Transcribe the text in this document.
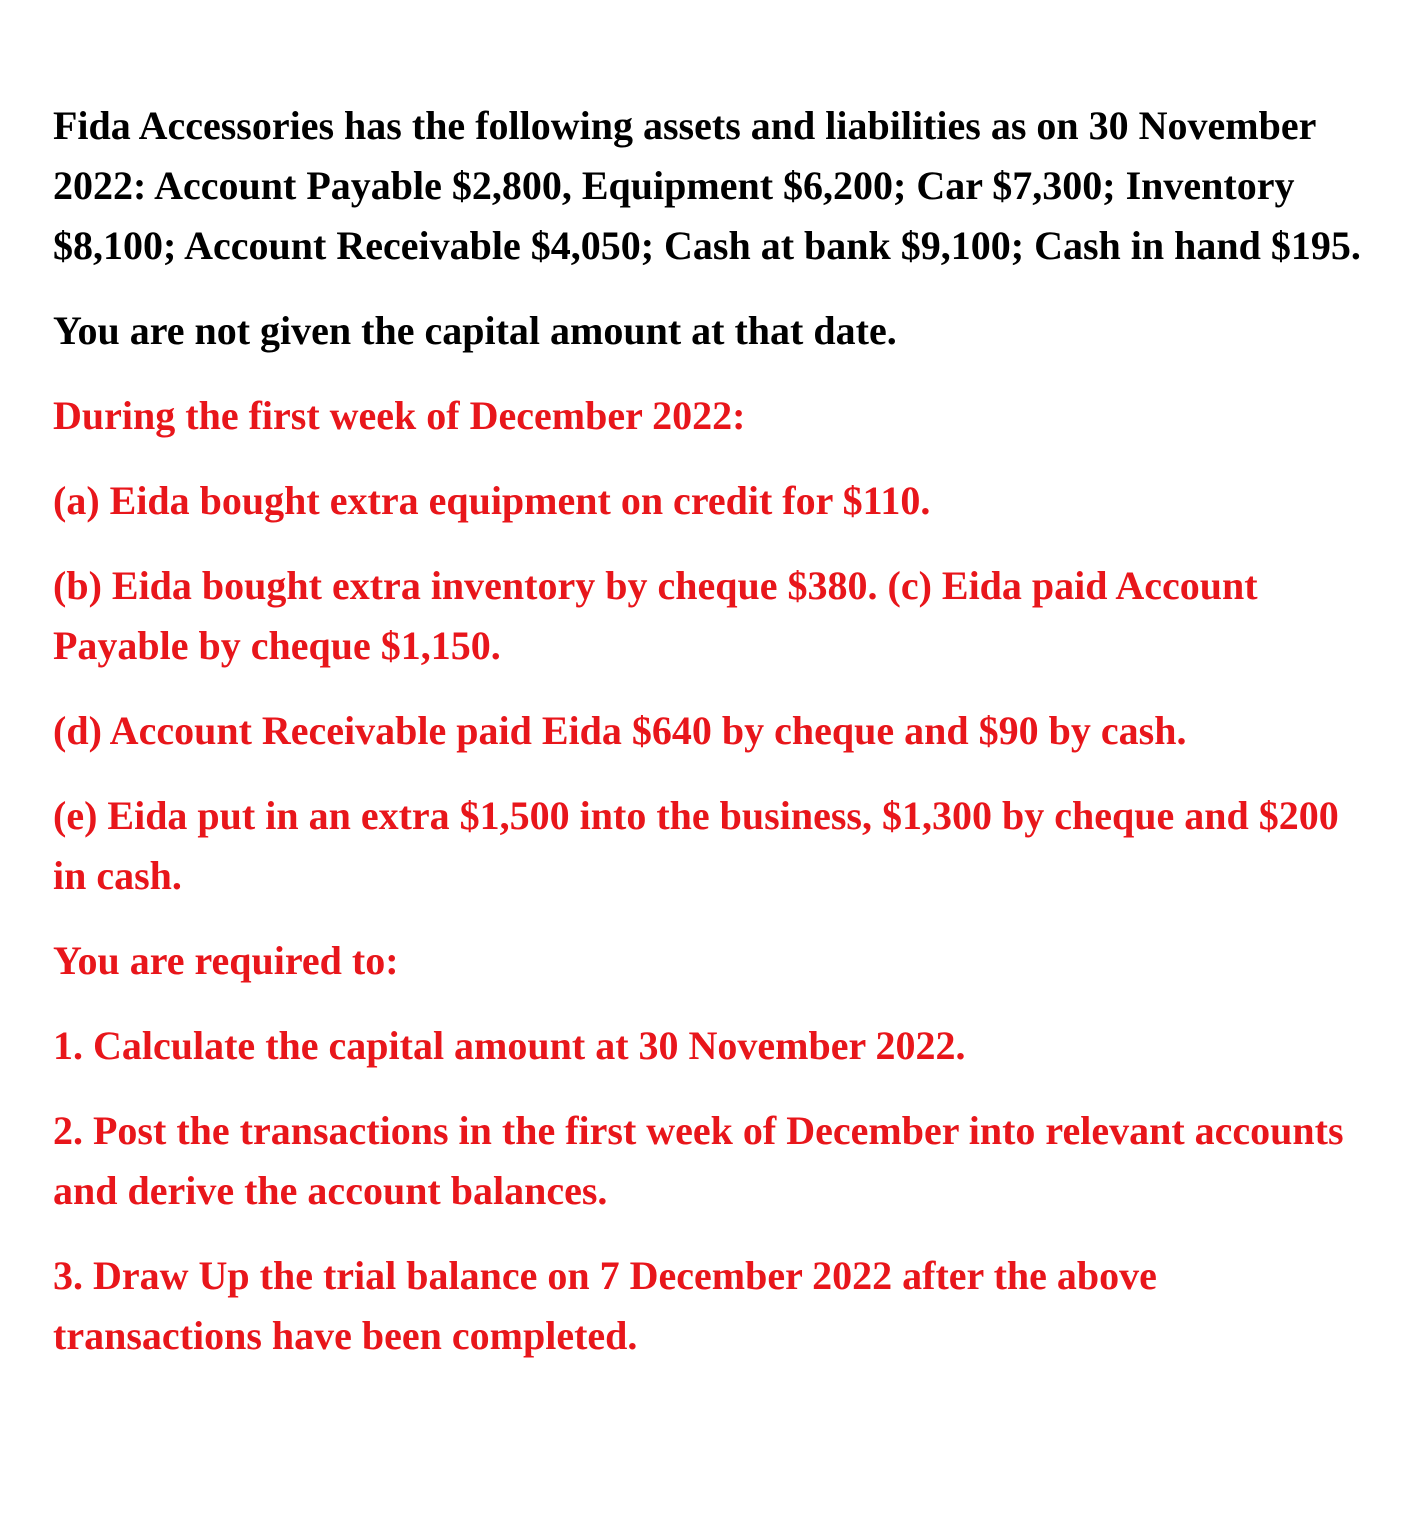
Fida Accessories has the following assets and liabilities as on 30 November 2022: Account Payable $2,800, Equipment $6,200; Car $7,300; Inventory $8,100; Account Receivable $4,050; Cash at bank $9,100; Cash in hand $195.

You are not given the capital amount at that date.

During the first week of December 2022:

(a) Eida bought extra equipment on credit for $110.

(b) Eida bought extra inventory by cheque $380. (c) Eida paid Account Payable by cheque $1,150.

(d) Account Receivable paid Eida $640 by cheque and $90 by cash.

(e) Eida put in an extra $1,500 into the business, $1,300 by cheque and $200 in cash.

You are required to:

1. Calculate the capital amount at 30 November 2022.

2. Post the transactions in the first week of December into relevant accounts and derive the account balances.

3. Draw Up the trial balance on 7 December 2022 after the above transactions have been completed.
